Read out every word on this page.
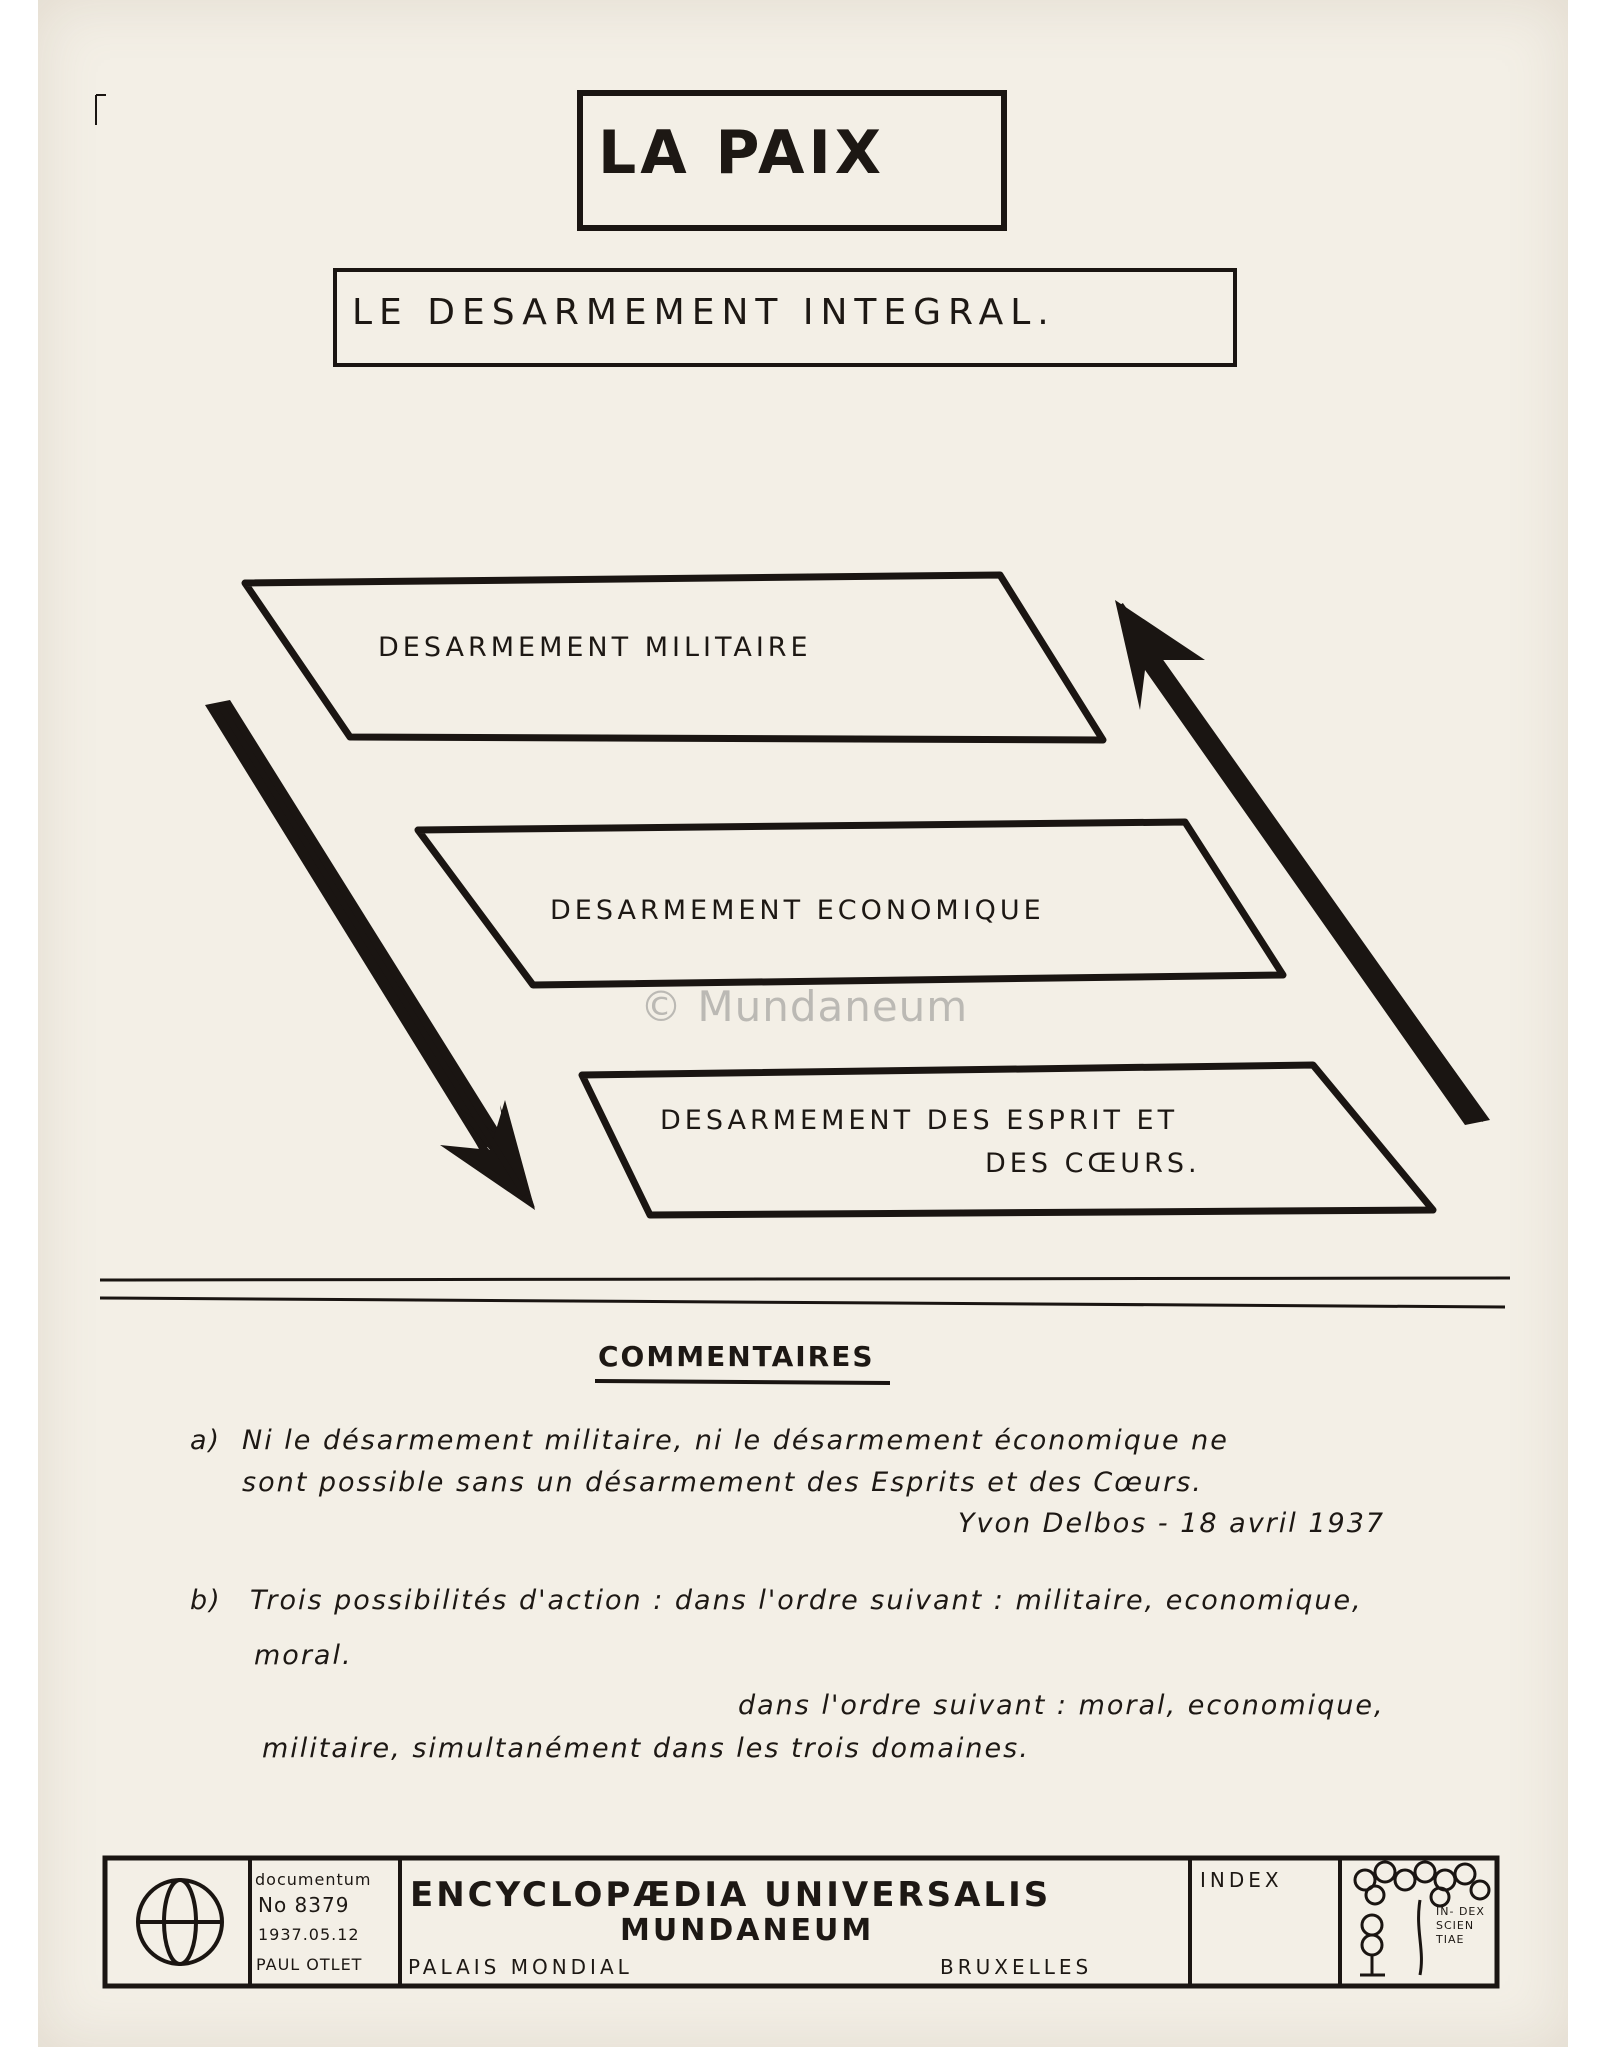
LA PAIX
LE DESARMEMENT INTEGRAL.
DESARMEMENT MILITAIRE
DESARMEMENT ECONOMIQUE
DESARMEMENT DES ESPRIT ET
DES CŒURS.
© Mundaneum
COMMENTAIRES
a) Ni le désarmement militaire, ni le désarmement économique ne
sont possible sans un désarmement des Esprits et des Cœurs.
Yvon Delbos - 18 avril 1937
b) Trois possibilités d'action : dans l'ordre suivant : militaire, economique,
moral.
dans l'ordre suivant : moral, economique,
militaire, simultanément dans les trois domaines.
documentum
No 8379
1937.05.12
PAUL OTLET
ENCYCLOPÆDIA UNIVERSALIS
MUNDANEUM
PALAIS MONDIAL	BRUXELLES
INDEX
IN- DEX SCIEN TIAE
